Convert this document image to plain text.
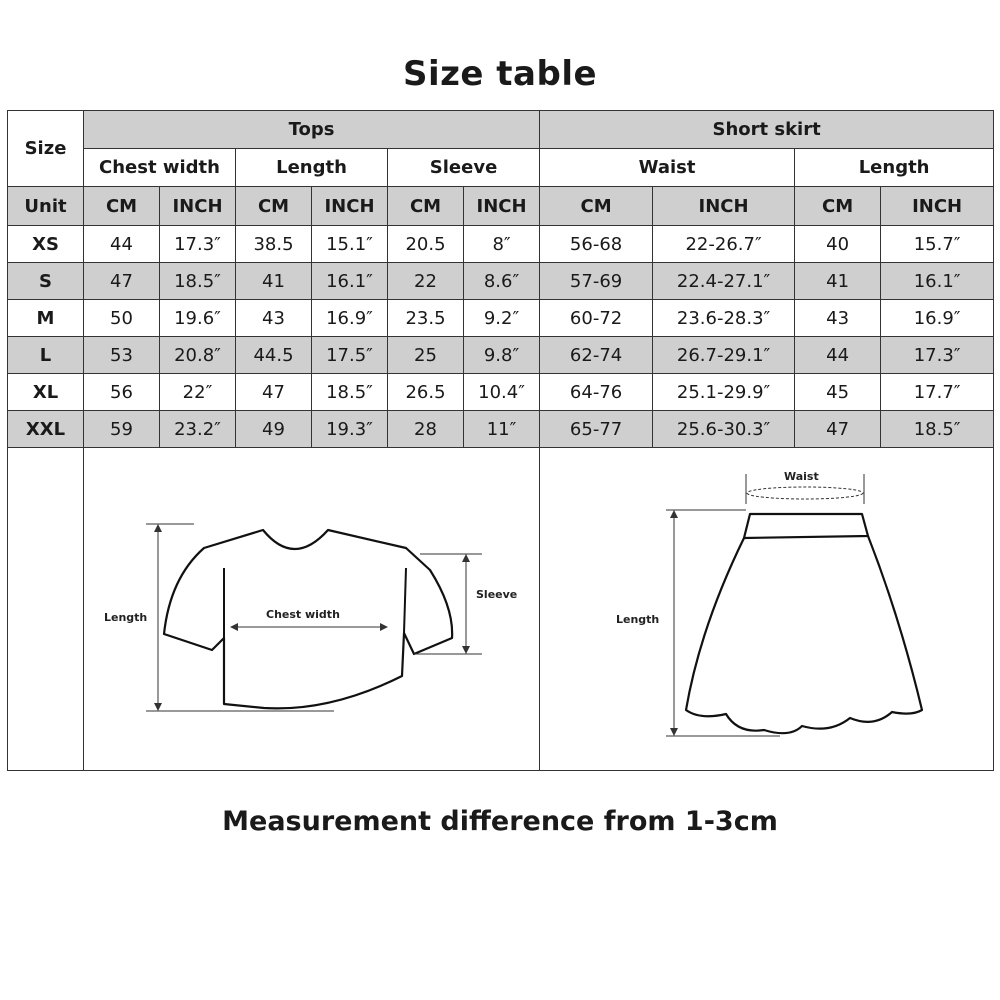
Size table
Size	Tops						Short skirt			
	Chest width		Length		Sleeve		Waist		Length	
Unit	CM	INCH	CM	INCH	CM	INCH	CM	INCH	CM	INCH
XS	44	17.3″	38.5	15.1″	20.5	8″	56-68	22-26.7″	40	15.7″
S	47	18.5″	41	16.1″	22	8.6″	57-69	22.4-27.1″	41	16.1″
M	50	19.6″	43	16.9″	23.5	9.2″	60-72	23.6-28.3″	43	16.9″
L	53	20.8″	44.5	17.5″	25	9.8″	62-74	26.7-29.1″	44	17.3″
XL	56	22″	47	18.5″	26.5	10.4″	64-76	25.1-29.9″	45	17.7″
XXL	59	23.2″	49	19.3″	28	11″	65-77	25.6-30.3″	47	18.5″

Length Chest width
Sleeve						Waist
Length			
Measurement difference from 1-3cm
